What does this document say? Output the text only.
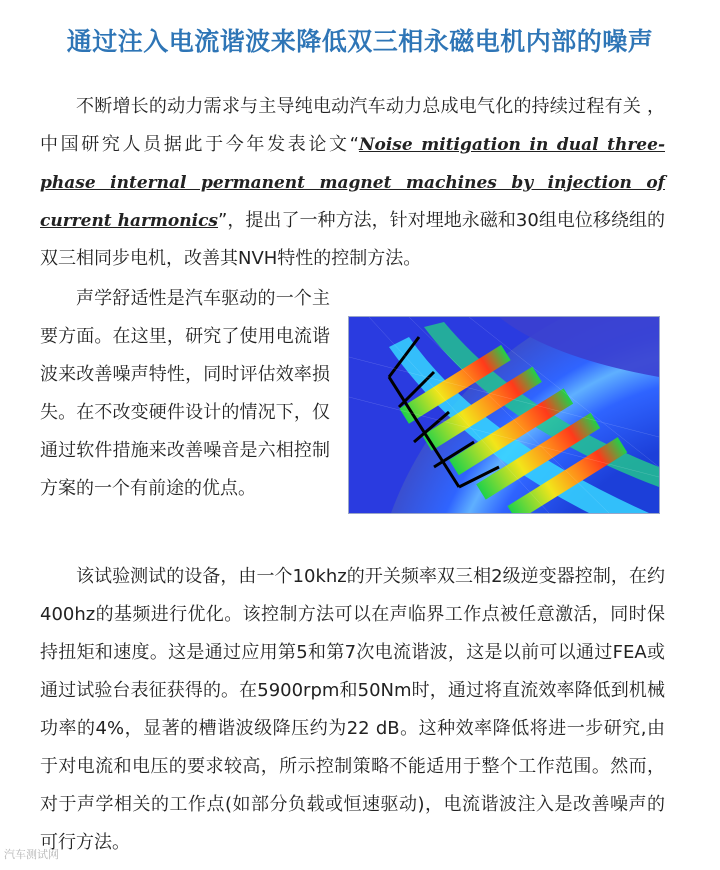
通过注入电流谐波来降低双三相永磁电机内部的噪声

不断增长的动力需求与主导纯电动汽车动力总成电气化的持续过程有关 ，中国研究人员据此于今年发表论文“Noise mitigation in dual three-phase internal permanent magnet machines by injection of current harmonics”，提出了一种方法，针对埋地永磁和30组电位移绕组的双三相同步电机，改善其NVH特性的控制方法。

声学舒适性是汽车驱动的一个主要方面。在这里，研究了使用电流谐波来改善噪声特性，同时评估效率损失。在不改变硬件设计的情况下，仅通过软件措施来改善噪音是六相控制方案的一个有前途的优点。

该试验测试的设备，由一个10khz的开关频率双三相2级逆变器控制，在约400hz的基频进行优化。该控制方法可以在声临界工作点被任意激活，同时保持扭矩和速度。这是通过应用第5和第7次电流谐波，这是以前可以通过FEA或通过试验台表征获得的。在5900rpm和50Nm时，通过将直流效率降低到机械功率的4%，显著的槽谐波级降压约为22 dB。这种效率降低将进一步研究,由于对电流和电压的要求较高，所示控制策略不能适用于整个工作范围。然而，对于声学相关的工作点(如部分负载或恒速驱动)，电流谐波注入是改善噪声的可行方法。

汽车测试网
